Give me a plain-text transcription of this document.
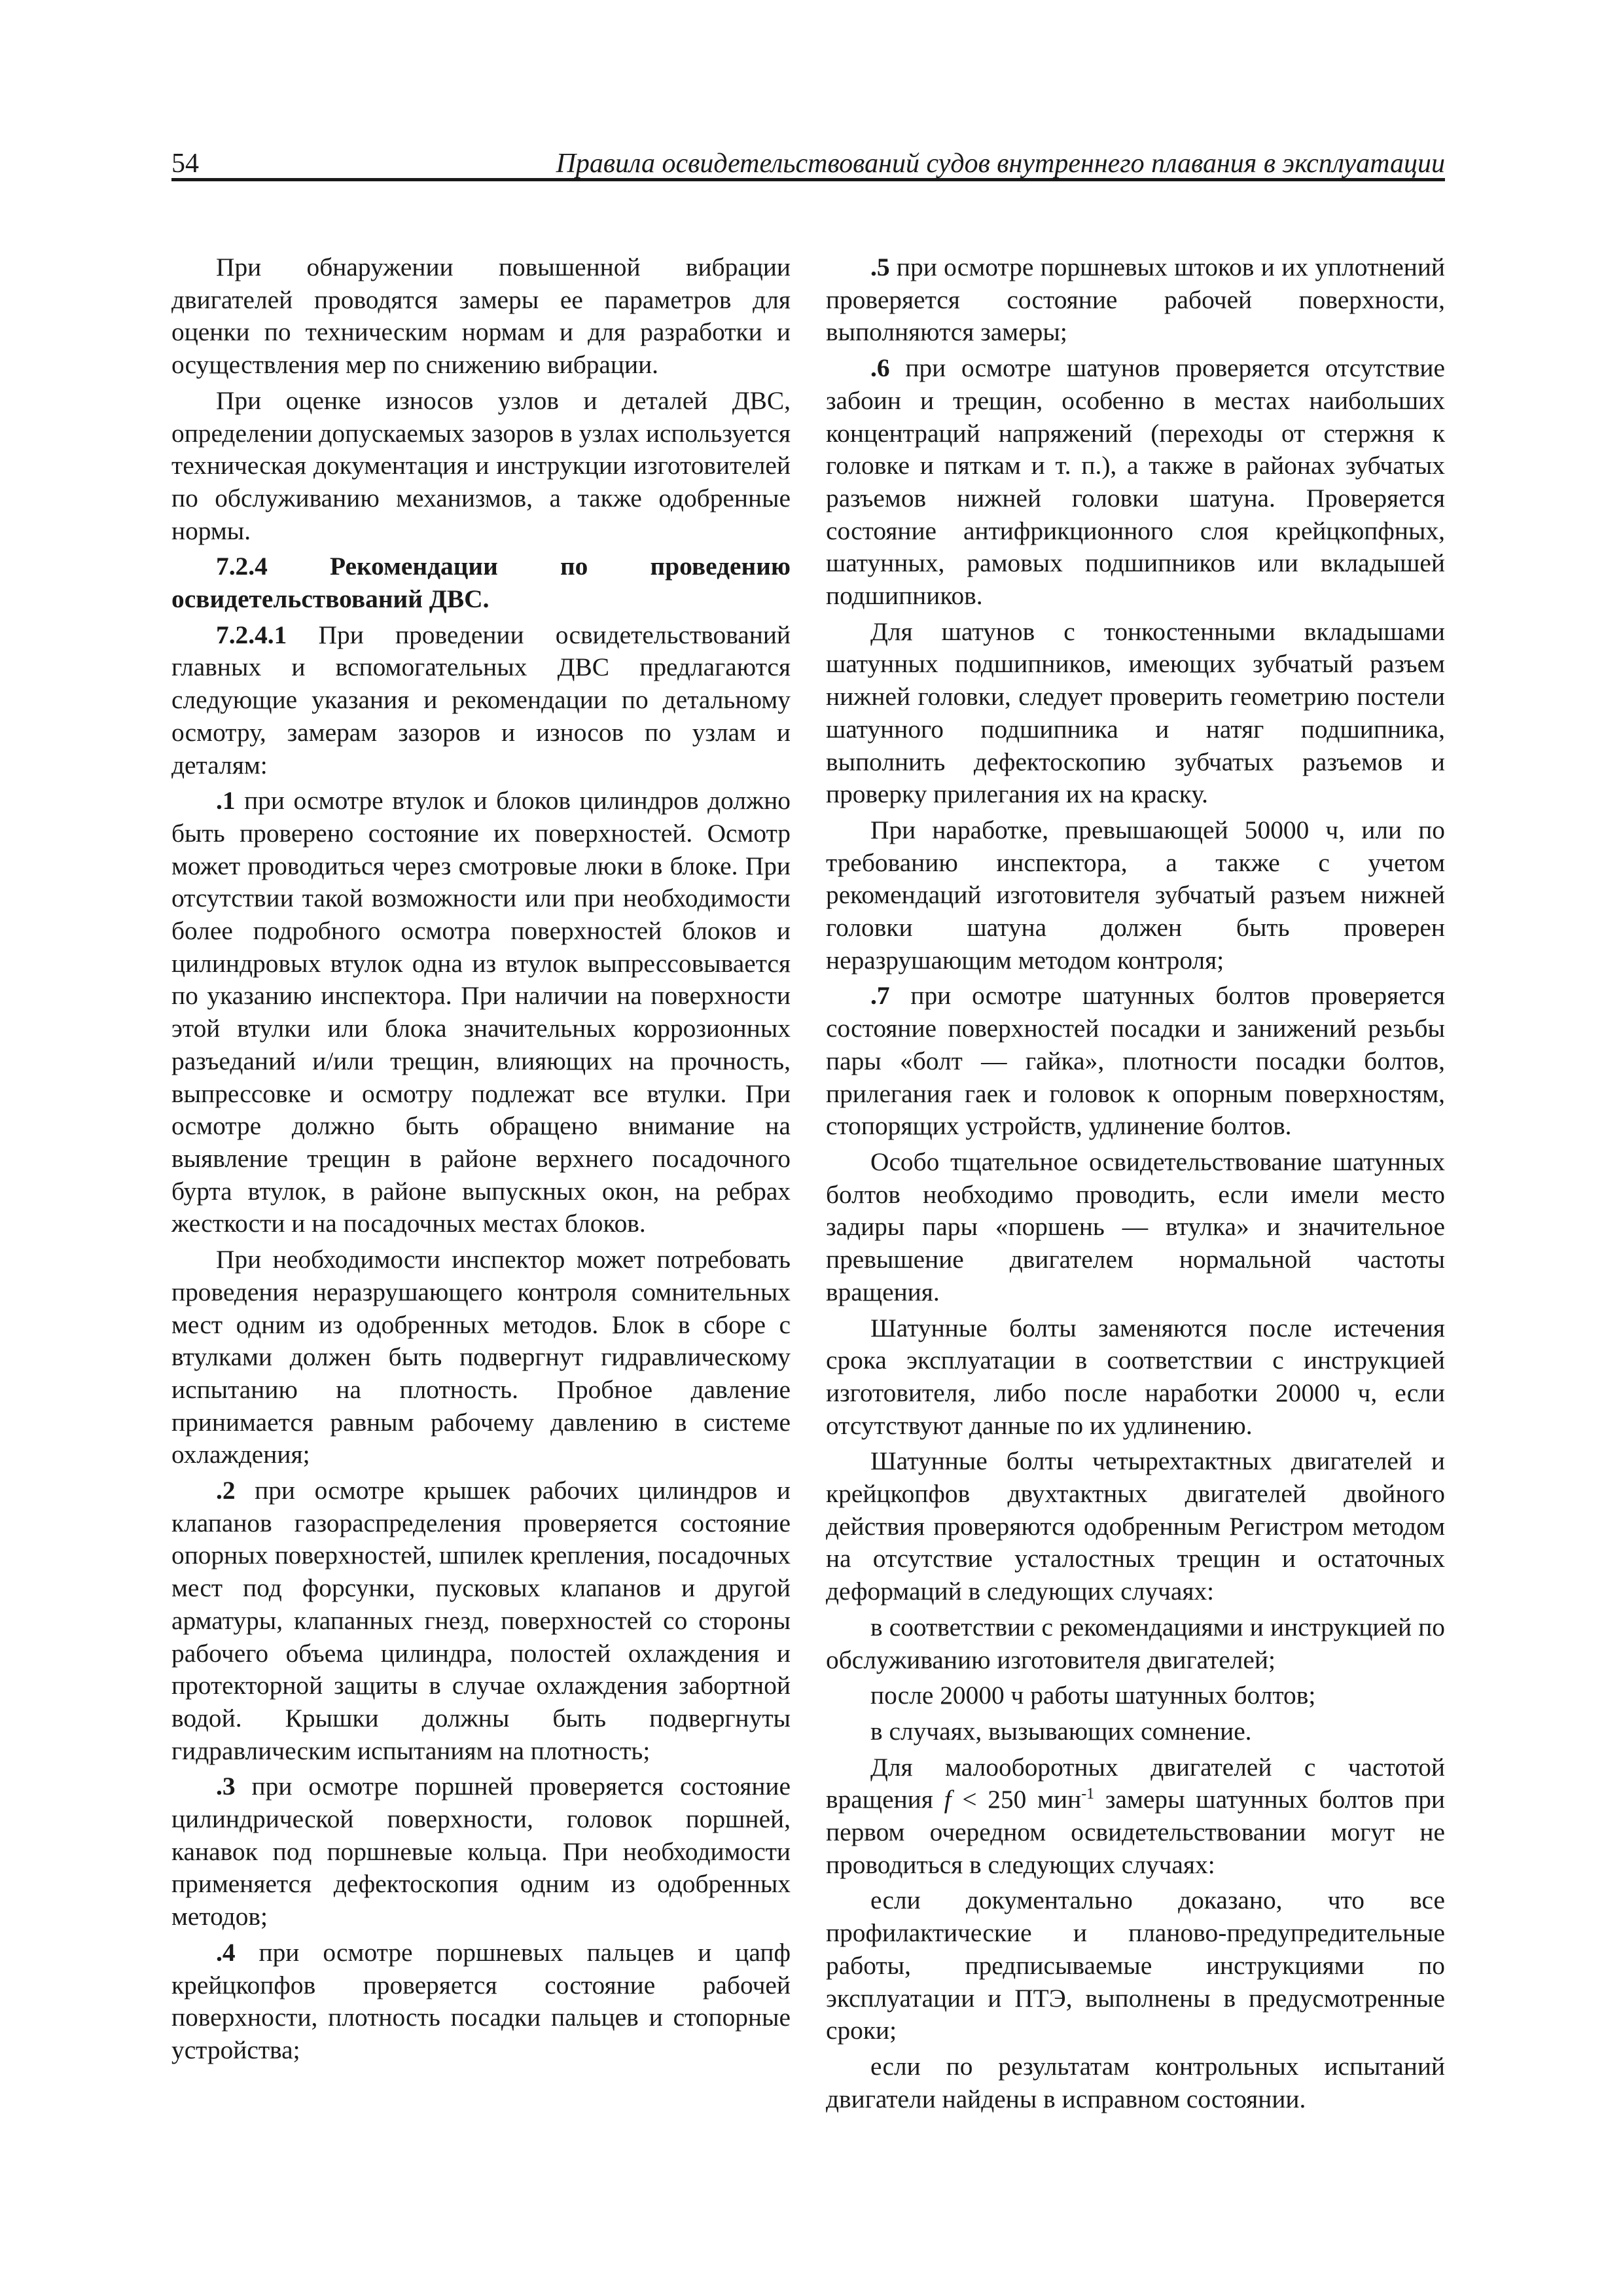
54	Правила освидетельствований судов внутреннего плавания в эксплуатации

При обнаружении повышенной вибрации двигателей проводятся замеры ее параметров для оценки по техническим нормам и для разработки и осуществления мер по снижению вибрации.

При оценке износов узлов и деталей ДВС, определении допускаемых зазоров в узлах используется техническая документация и инструкции изготовителей по обслуживанию механизмов, а также одобренные нормы.

7.2.4 Рекомендации по проведению освидетельствований ДВС.

7.2.4.1 При проведении освидетельствований главных и вспомогательных ДВС предлагаются следующие указания и рекомендации по детальному осмотру, замерам зазоров и износов по узлам и деталям:

.1 при осмотре втулок и блоков цилиндров должно быть проверено состояние их поверхностей. Осмотр может проводиться через смотровые люки в блоке. При отсутствии такой возможности или при необходимости более подробного осмотра поверхностей блоков и цилиндровых втулок одна из втулок выпрессовывается по указанию инспектора. При наличии на поверхности этой втулки или блока значительных коррозионных разъеданий и/или трещин, влияющих на прочность, выпрессовке и осмотру подлежат все втулки. При осмотре должно быть обращено внимание на выявление трещин в районе верхнего посадочного бурта втулок, в районе выпускных окон, на ребрах жесткости и на посадочных местах блоков.

При необходимости инспектор может потребовать проведения неразрушающего контроля сомнительных мест одним из одобренных методов. Блок в сборе с втулками должен быть подвергнут гидравлическому испытанию на плотность. Пробное давление принимается равным рабочему давлению в системе охлаждения;

.2 при осмотре крышек рабочих цилиндров и клапанов газораспределения проверяется состояние опорных поверхностей, шпилек крепления, посадочных мест под форсунки, пусковых клапанов и другой арматуры, клапанных гнезд, поверхностей со стороны рабочего объема цилиндра, полостей охлаждения и протекторной защиты в случае охлаждения забортной водой. Крышки должны быть подвергнуты гидравлическим испытаниям на плотность;

.3 при осмотре поршней проверяется состояние цилиндрической поверхности, головок поршней, канавок под поршневые кольца. При необходимости применяется дефектоскопия одним из одобренных методов;

.4 при осмотре поршневых пальцев и цапф крейцкопфов проверяется состояние рабочей поверхности, плотность посадки пальцев и стопорные устройства;

.5 при осмотре поршневых штоков и их уплотнений проверяется состояние рабочей поверхности, выполняются замеры;

.6 при осмотре шатунов проверяется отсутствие забоин и трещин, особенно в местах наибольших концентраций напряжений (переходы от стержня к головке и пяткам и т. п.), а также в районах зубчатых разъемов нижней головки шатуна. Проверяется состояние антифрикционного слоя крейцкопфных, шатунных, рамовых подшипников или вкладышей подшипников.

Для шатунов с тонкостенными вкладышами шатунных подшипников, имеющих зубчатый разъем нижней головки, следует проверить геометрию постели шатунного подшипника и натяг подшипника, выполнить дефектоскопию зубчатых разъемов и проверку прилегания их на краску.

При наработке, превышающей 50000 ч, или по требованию инспектора, а также с учетом рекомендаций изготовителя зубчатый разъем нижней головки шатуна должен быть проверен неразрушающим методом контроля;

.7 при осмотре шатунных болтов проверяется состояние поверхностей посадки и занижений резьбы пары «болт — гайка», плотности посадки болтов, прилегания гаек и головок к опорным поверхностям, стопорящих устройств, удлинение болтов.

Особо тщательное освидетельствование шатунных болтов необходимо проводить, если имели место задиры пары «поршень — втулка» и значительное превышение двигателем нормальной частоты вращения.

Шатунные болты заменяются после истечения срока эксплуатации в соответствии с инструкцией изготовителя, либо после наработки 20000 ч, если отсутствуют данные по их удлинению.

Шатунные болты четырехтактных двигателей и крейцкопфов двухтактных двигателей двойного действия проверяются одобренным Регистром методом на отсутствие усталостных трещин и остаточных деформаций в следующих случаях:

в соответствии с рекомендациями и инструкцией по обслуживанию изготовителя двигателей;

после 20000 ч работы шатунных болтов;

в случаях, вызывающих сомнение.

Для малооборотных двигателей с частотой вращения f < 250 мин$^{-1}$ замеры шатунных болтов при первом очередном освидетельствовании могут не проводиться в следующих случаях:

если документально доказано, что все профилактические и планово-предупредительные работы, предписываемые инструкциями по эксплуатации и ПТЭ, выполнены в предусмотренные сроки;

если по результатам контрольных испытаний двигатели найдены в исправном состоянии.
